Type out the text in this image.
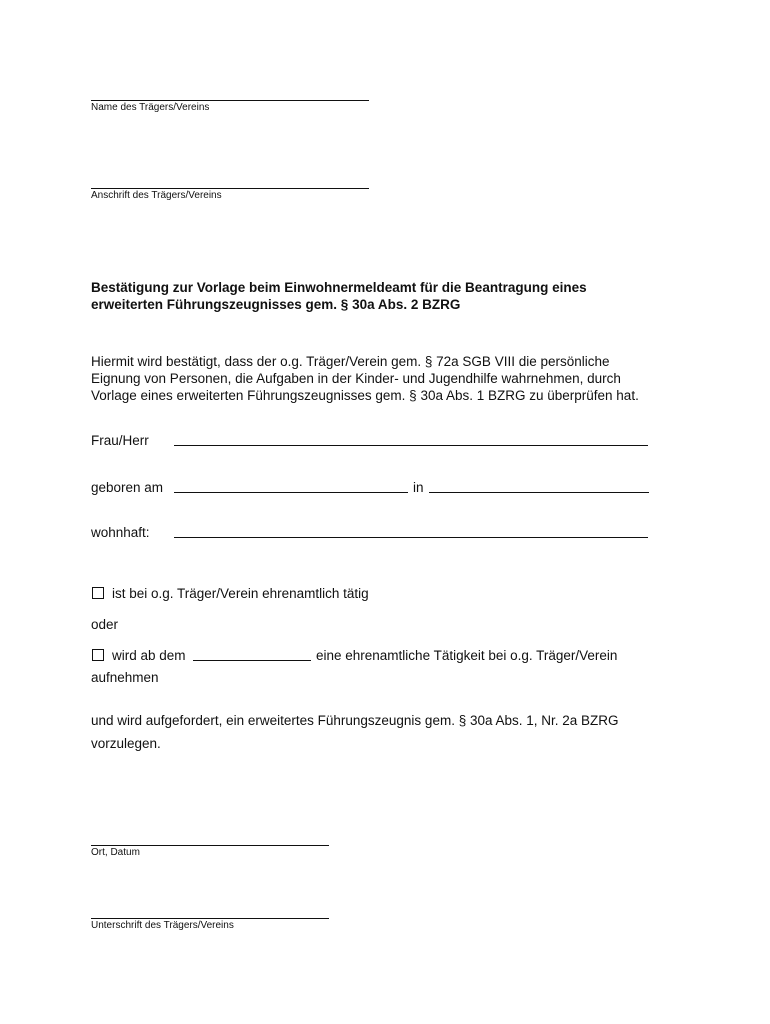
Name des Trägers/Vereins
Anschrift des Trägers/Vereins
Bestätigung zur Vorlage beim Einwohnermeldeamt für die Beantragung eines
erweiterten Führungszeugnisses gem. § 30a Abs. 2 BZRG
Hiermit wird bestätigt, dass der o.g. Träger/Verein gem. § 72a SGB VIII die persönliche
Eignung von Personen, die Aufgaben in der Kinder- und Jugendhilfe wahrnehmen, durch
Vorlage eines erweiterten Führungszeugnisses gem. § 30a Abs. 1 BZRG zu überprüfen hat.
Frau/Herr
geboren am	in
wohnhaft:
ist bei o.g. Träger/Verein ehrenamtlich tätig
oder
wird ab dem	eine ehrenamtliche Tätigkeit bei o.g. Träger/Verein
aufnehmen
und wird aufgefordert, ein erweitertes Führungszeugnis gem. § 30a Abs. 1, Nr. 2a BZRG
vorzulegen.
Ort, Datum
Unterschrift des Trägers/Vereins
